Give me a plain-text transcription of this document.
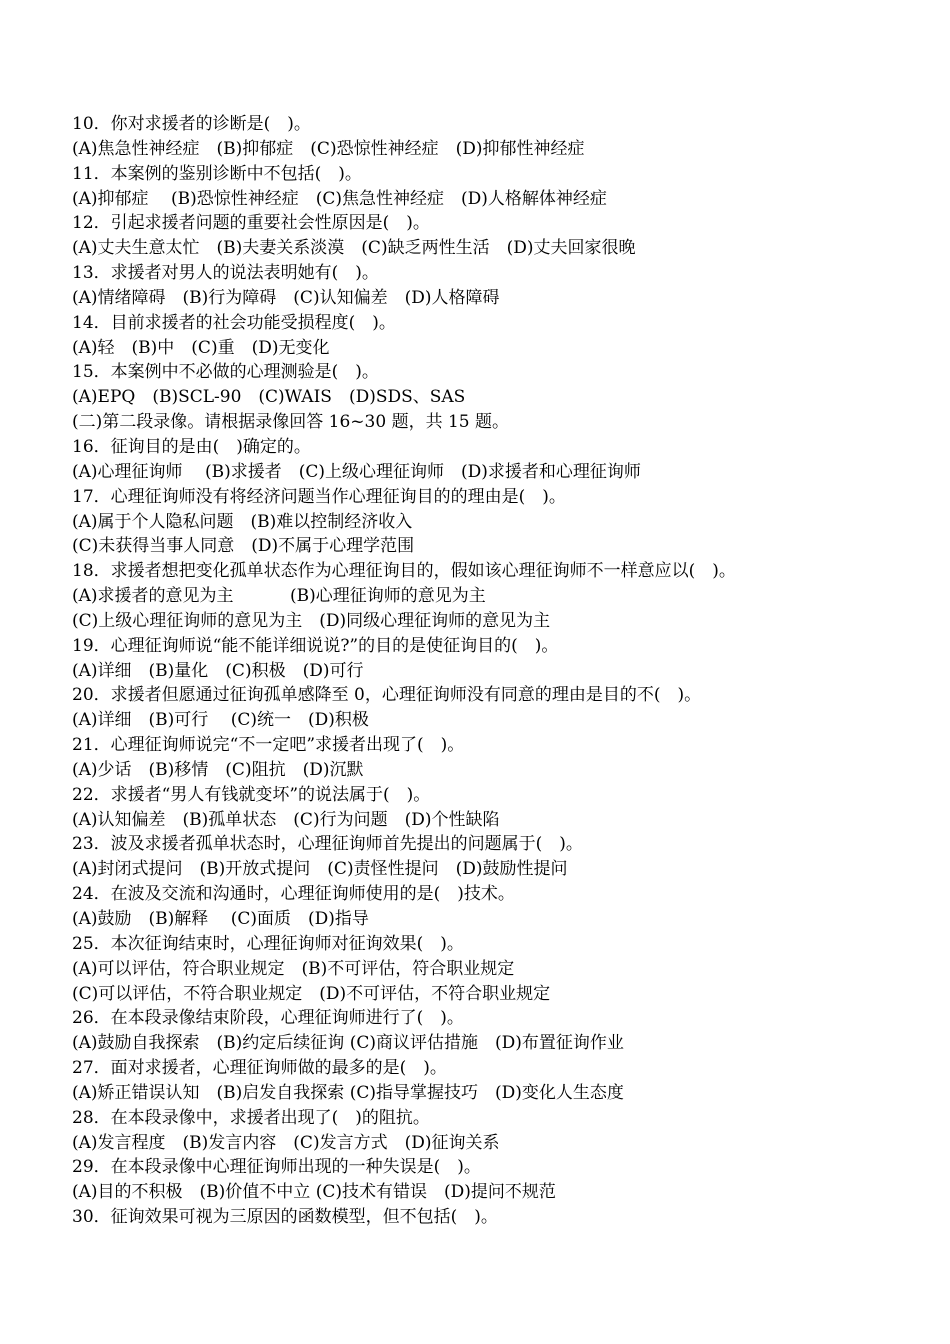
10．你对求援者的诊断是(　)。
(A)焦急性神经症　(B)抑郁症　(C)恐惊性神经症　(D)抑郁性神经症
11．本案例的鉴别诊断中不包括(　)。
(A)抑郁症　 (B)恐惊性神经症　(C)焦急性神经症　(D)人格解体神经症
12．引起求援者问题的重要社会性原因是(　)。
(A)丈夫生意太忙　(B)夫妻关系淡漠　(C)缺乏两性生活　(D)丈夫回家很晚
13．求援者对男人的说法表明她有(　)。
(A)情绪障碍　(B)行为障碍　(C)认知偏差　(D)人格障碍
14．目前求援者的社会功能受损程度(　)。
(A)轻　(B)中　(C)重　(D)无变化
15．本案例中不必做的心理测验是(　)。
(A)EPQ　(B)SCL-90　(C)WAIS　(D)SDS、SAS
(二)第二段录像。请根据录像回答 16~30 题，共 15 题。
16．征询目的是由(　)确定的。
(A)心理征询师　 (B)求援者　(C)上级心理征询师　(D)求援者和心理征询师
17．心理征询师没有将经济问题当作心理征询目的的理由是(　)。
(A)属于个人隐私问题　(B)难以控制经济收入
(C)未获得当事人同意　(D)不属于心理学范围
18．求援者想把变化孤单状态作为心理征询目的，假如该心理征询师不一样意应以(　)。
(A)求援者的意见为主　　　 (B)心理征询师的意见为主
(C)上级心理征询师的意见为主　(D)同级心理征询师的意见为主
19．心理征询师说“能不能详细说说?”的目的是使征询目的(　)。
(A)详细　(B)量化　(C)积极　(D)可行
20．求援者但愿通过征询孤单感降至 0，心理征询师没有同意的理由是目的不(　)。
(A)详细　(B)可行　 (C)统一　(D)积极
21．心理征询师说完“不一定吧”求援者出现了(　)。
(A)少话　(B)移情　(C)阻抗　(D)沉默
22．求援者“男人有钱就变坏”的说法属于(　)。
(A)认知偏差　(B)孤单状态　(C)行为问题　(D)个性缺陷
23．波及求援者孤单状态时，心理征询师首先提出的问题属于(　)。
(A)封闭式提问　(B)开放式提问　(C)责怪性提问　(D)鼓励性提问
24．在波及交流和沟通时，心理征询师使用的是(　)技术。
(A)鼓励　(B)解释　 (C)面质　(D)指导
25．本次征询结束时，心理征询师对征询效果(　)。
(A)可以评估，符合职业规定　(B)不可评估，符合职业规定
(C)可以评估，不符合职业规定　(D)不可评估，不符合职业规定
26．在本段录像结束阶段，心理征询师进行了(　)。
(A)鼓励自我探索　(B)约定后续征询 (C)商议评估措施　(D)布置征询作业
27．面对求援者，心理征询师做的最多的是(　)。
(A)矫正错误认知　(B)启发自我探索 (C)指导掌握技巧　(D)变化人生态度
28．在本段录像中，求援者出现了(　)的阻抗。
(A)发言程度　(B)发言内容　(C)发言方式　(D)征询关系
29．在本段录像中心理征询师出现的一种失误是(　)。
(A)目的不积极　(B)价值不中立 (C)技术有错误　(D)提问不规范
30．征询效果可视为三原因的函数模型，但不包括(　)。
